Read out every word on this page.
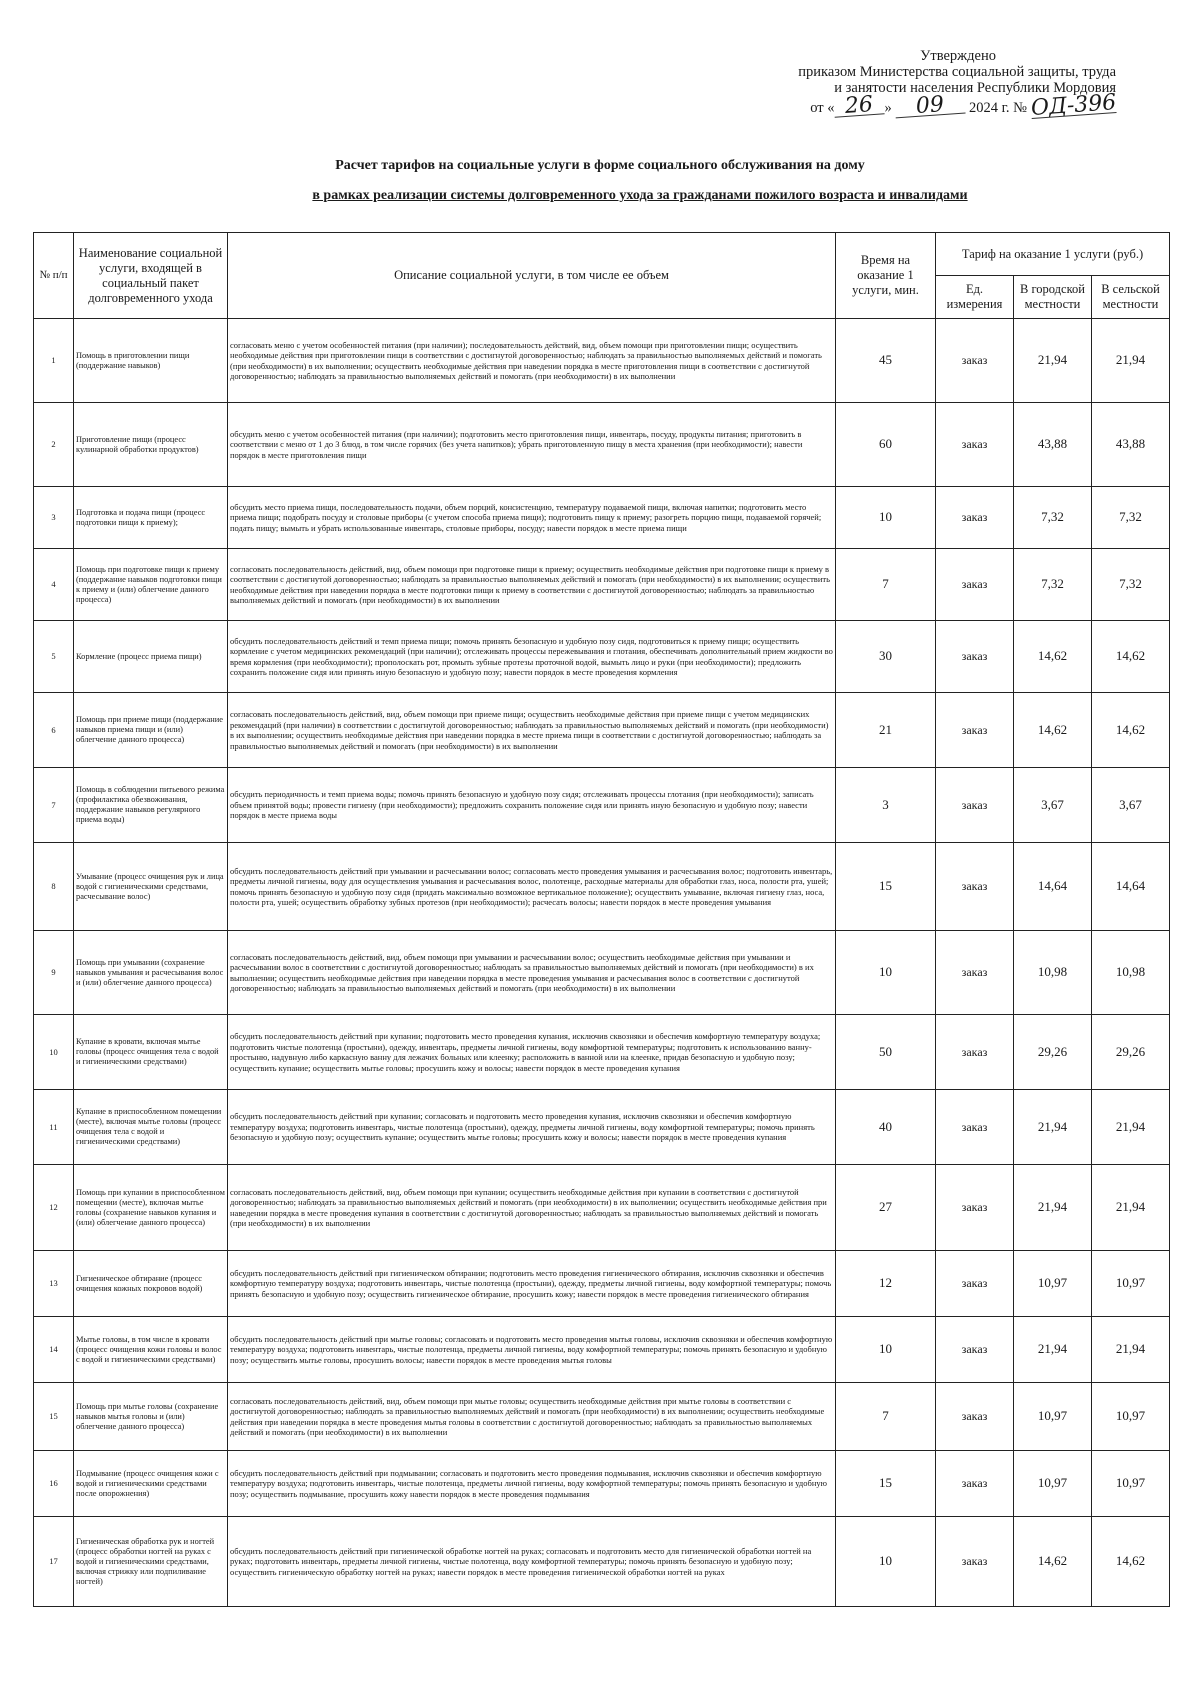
Утверждено
приказом Министерства социальной защиты, труда
и занятости населения Республики Мордовия
от « 26 » 09 2024 г. № ОД-396
Расчет тарифов на социальные услуги в форме социального обслуживания на дому
в рамках реализации системы долговременного ухода за гражданами пожилого возраста и инвалидами
№ п/п	Наименование социальной услуги, входящей в социальный пакет долговременного ухода	Описание социальной услуги, в том числе ее объем	Время на оказание 1 услуги, мин.	Тариф на оказание 1 услуги (руб.)		
				Ед. измерения	В городской местности	В сельской местности
1	Помощь в приготовлении пищи (поддержание навыков)	согласовать меню с учетом особенностей питания (при наличии); последовательность действий, вид, объем помощи при приготовлении пищи; осуществить необходимые действия при приготовлении пищи в соответствии с достигнутой договоренностью; наблюдать за правильностью выполняемых действий и помогать (при необходимости) в их выполнении; осуществить необходимые действия при наведении порядка в месте приготовления пищи в соответствии с достигнутой договоренностью; наблюдать за правильностью выполняемых действий и помогать (при необходимости) в их выполнении	45	заказ	21,94	21,94
2	Приготовление пищи (процесс кулинарной обработки продуктов)	обсудить меню с учетом особенностей питания (при наличии); подготовить место приготовления пищи, инвентарь, посуду, продукты питания; приготовить в соответствии с меню от 1 до 3 блюд, в том числе горячих (без учета напитков); убрать приготовленную пищу в места хранения (при необходимости); навести порядок в месте приготовления пищи	60	заказ	43,88	43,88
3	Подготовка и подача пищи (процесс подготовки пищи к приему);	обсудить место приема пищи, последовательность подачи, объем порций, консистенцию, температуру подаваемой пищи, включая напитки; подготовить место приема пищи; подобрать посуду и столовые приборы (с учетом способа приема пищи); подготовить пищу к приему; разогреть порцию пищи, подаваемой горячей; подать пищу; вымыть и убрать использованные инвентарь, столовые приборы, посуду; навести порядок в месте приема пищи	10	заказ	7,32	7,32
4	Помощь при подготовке пищи к приему (поддержание навыков подготовки пищи к приему и (или) облегчение данного процесса)	согласовать последовательность действий, вид, объем помощи при подготовке пищи к приему; осуществить необходимые действия при подготовке пищи к приему в соответствии с достигнутой договоренностью; наблюдать за правильностью выполняемых действий и помогать (при необходимости) в их выполнении; осуществить необходимые действия при наведении порядка в месте подготовки пищи к приему в соответствии с достигнутой договоренностью; наблюдать за правильностью выполняемых действий и помогать (при необходимости) в их выполнении	7	заказ	7,32	7,32
5	Кормление (процесс приема пищи)	обсудить последовательность действий и темп приема пищи; помочь принять безопасную и удобную позу сидя, подготовиться к приему пищи; осуществить кормление с учетом медицинских рекомендаций (при наличии); отслеживать процессы пережевывания и глотания, обеспечивать дополнительный прием жидкости во время кормления (при необходимости); прополоскать рот, промыть зубные протезы проточной водой, вымыть лицо и руки (при необходимости); предложить сохранить положение сидя или принять иную безопасную и удобную позу; навести порядок в месте проведения кормления	30	заказ	14,62	14,62
6	Помощь при приеме пищи (поддержание навыков приема пищи и (или) облегчение данного процесса)	согласовать последовательность действий, вид, объем помощи при приеме пищи; осуществить необходимые действия при приеме пищи с учетом медицинских рекомендаций (при наличии) в соответствии с достигнутой договоренностью; наблюдать за правильностью выполняемых действий и помогать (при необходимости) в их выполнении; осуществить необходимые действия при наведении порядка в месте приема пищи в соответствии с достигнутой договоренностью; наблюдать за правильностью выполняемых действий и помогать (при необходимости) в их выполнении	21	заказ	14,62	14,62
7	Помощь в соблюдении питьевого режима (профилактика обезвоживания, поддержание навыков регулярного приема воды)	обсудить периодичность и темп приема воды; помочь принять безопасную и удобную позу сидя; отслеживать процессы глотания (при необходимости); записать объем принятой воды; провести гигиену (при необходимости); предложить сохранить положение сидя или принять иную безопасную и удобную позу; навести порядок в месте приема воды	3	заказ	3,67	3,67
8	Умывание (процесс очищения рук и лица водой с гигиеническими средствами, расчесывание волос)	обсудить последовательность действий при умывании и расчесывании волос; согласовать место проведения умывания и расчесывания волос; подготовить инвентарь, предметы личной гигиены, воду для осуществления умывания и расчесывания волос, полотенце, расходные материалы для обработки глаз, носа, полости рта, ушей; помочь принять безопасную и удобную позу сидя (придать максимально возможное вертикальное положение); осуществить умывание, включая гигиену глаз, носа, полости рта, ушей; осуществить обработку зубных протезов (при необходимости); расчесать волосы; навести порядок в месте проведения умывания	15	заказ	14,64	14,64
9	Помощь при умывании (сохранение навыков умывания и расчесывания волос и (или) облегчение данного процесса)	согласовать последовательность действий, вид, объем помощи при умывании и расчесывании волос; осуществить необходимые действия при умывании и расчесывании волос в соответствии с достигнутой договоренностью; наблюдать за правильностью выполняемых действий и помогать (при необходимости) в их выполнении; осуществить необходимые действия при наведении порядка в месте проведения умывания и расчесывания волос в соответствии с достигнутой договоренностью; наблюдать за правильностью выполняемых действий и помогать (при необходимости) в их выполнении	10	заказ	10,98	10,98
10	Купание в кровати, включая мытье головы (процесс очищения тела с водой и гигиеническими средствами)	обсудить последовательность действий при купании; подготовить место проведения купания, исключив сквозняки и обеспечив комфортную температуру воздуха; подготовить чистые полотенца (простыни), одежду, инвентарь, предметы личной гигиены, воду комфортной температуры; подготовить к использованию ванну-простыню, надувную либо каркасную ванну для лежачих больных или клеенку; расположить в ванной или на клеенке, придав безопасную и удобную позу; осуществить купание; осуществить мытье головы; просушить кожу и волосы; навести порядок в месте проведения купания	50	заказ	29,26	29,26
11	Купание в приспособленном помещении (месте), включая мытье головы (процесс очищения тела с водой и гигиеническими средствами)	обсудить последовательность действий при купании; согласовать и подготовить место проведения купания, исключив сквозняки и обеспечив комфортную температуру воздуха; подготовить инвентарь, чистые полотенца (простыни), одежду, предметы личной гигиены, воду комфортной температуры; помочь принять безопасную и удобную позу; осуществить купание; осуществить мытье головы; просушить кожу и волосы; навести порядок в месте проведения купания	40	заказ	21,94	21,94
12	Помощь при купании в приспособленном помещении (месте), включая мытье головы (сохранение навыков купания и (или) облегчение данного процесса)	согласовать последовательность действий, вид, объем помощи при купании; осуществить необходимые действия при купании в соответствии с достигнутой договоренностью; наблюдать за правильностью выполняемых действий и помогать (при необходимости) в их выполнении; осуществить необходимые действия при наведении порядка в месте проведения купания в соответствии с достигнутой договоренностью; наблюдать за правильностью выполняемых действий и помогать (при необходимости) в их выполнении	27	заказ	21,94	21,94
13	Гигиеническое обтирание (процесс очищения кожных покровов водой)	обсудить последовательность действий при гигиеническом обтирании; подготовить место проведения гигиенического обтирания, исключив сквозняки и обеспечив комфортную температуру воздуха; подготовить инвентарь, чистые полотенца (простыни), одежду, предметы личной гигиены, воду комфортной температуры; помочь принять безопасную и удобную позу; осуществить гигиеническое обтирание, просушить кожу; навести порядок в месте проведения гигиенического обтирания	12	заказ	10,97	10,97
14	Мытье головы, в том числе в кровати (процесс очищения кожи головы и волос с водой и гигиеническими средствами)	обсудить последовательность действий при мытье головы; согласовать и подготовить место проведения мытья головы, исключив сквозняки и обеспечив комфортную температуру воздуха; подготовить инвентарь, чистые полотенца, предметы личной гигиены, воду комфортной температуры; помочь принять безопасную и удобную позу; осуществить мытье головы, просушить волосы; навести порядок в месте проведения мытья головы	10	заказ	21,94	21,94
15	Помощь при мытье головы (сохранение навыков мытья головы и (или) облегчение данного процесса)	согласовать последовательность действий, вид, объем помощи при мытье головы; осуществить необходимые действия при мытье головы в соответствии с достигнутой договоренностью; наблюдать за правильностью выполняемых действий и помогать (при необходимости) в их выполнении; осуществить необходимые действия при наведении порядка в месте проведения мытья головы в соответствии с достигнутой договоренностью; наблюдать за правильностью выполняемых действий и помогать (при необходимости) в их выполнении	7	заказ	10,97	10,97
16	Подмывание (процесс очищения кожи с водой и гигиеническими средствами после опорожнения)	обсудить последовательность действий при подмывании; согласовать и подготовить место проведения подмывания, исключив сквозняки и обеспечив комфортную температуру воздуха; подготовить инвентарь, чистые полотенца, предметы личной гигиены, воду комфортной температуры; помочь принять безопасную и удобную позу; осуществить подмывание, просушить кожу навести порядок в месте проведения подмывания	15	заказ	10,97	10,97
17	Гигиеническая обработка рук и ногтей (процесс обработки ногтей на руках с водой и гигиеническими средствами, включая стрижку или подпиливание ногтей)	обсудить последовательность действий при гигиенической обработке ногтей на руках; согласовать и подготовить место для гигиенической обработки ногтей на руках; подготовить инвентарь, предметы личной гигиены, чистые полотенца, воду комфортной температуры; помочь принять безопасную и удобную позу; осуществить гигиеническую обработку ногтей на руках; навести порядок в месте проведения гигиенической обработки ногтей на руках	10	заказ	14,62	14,62
